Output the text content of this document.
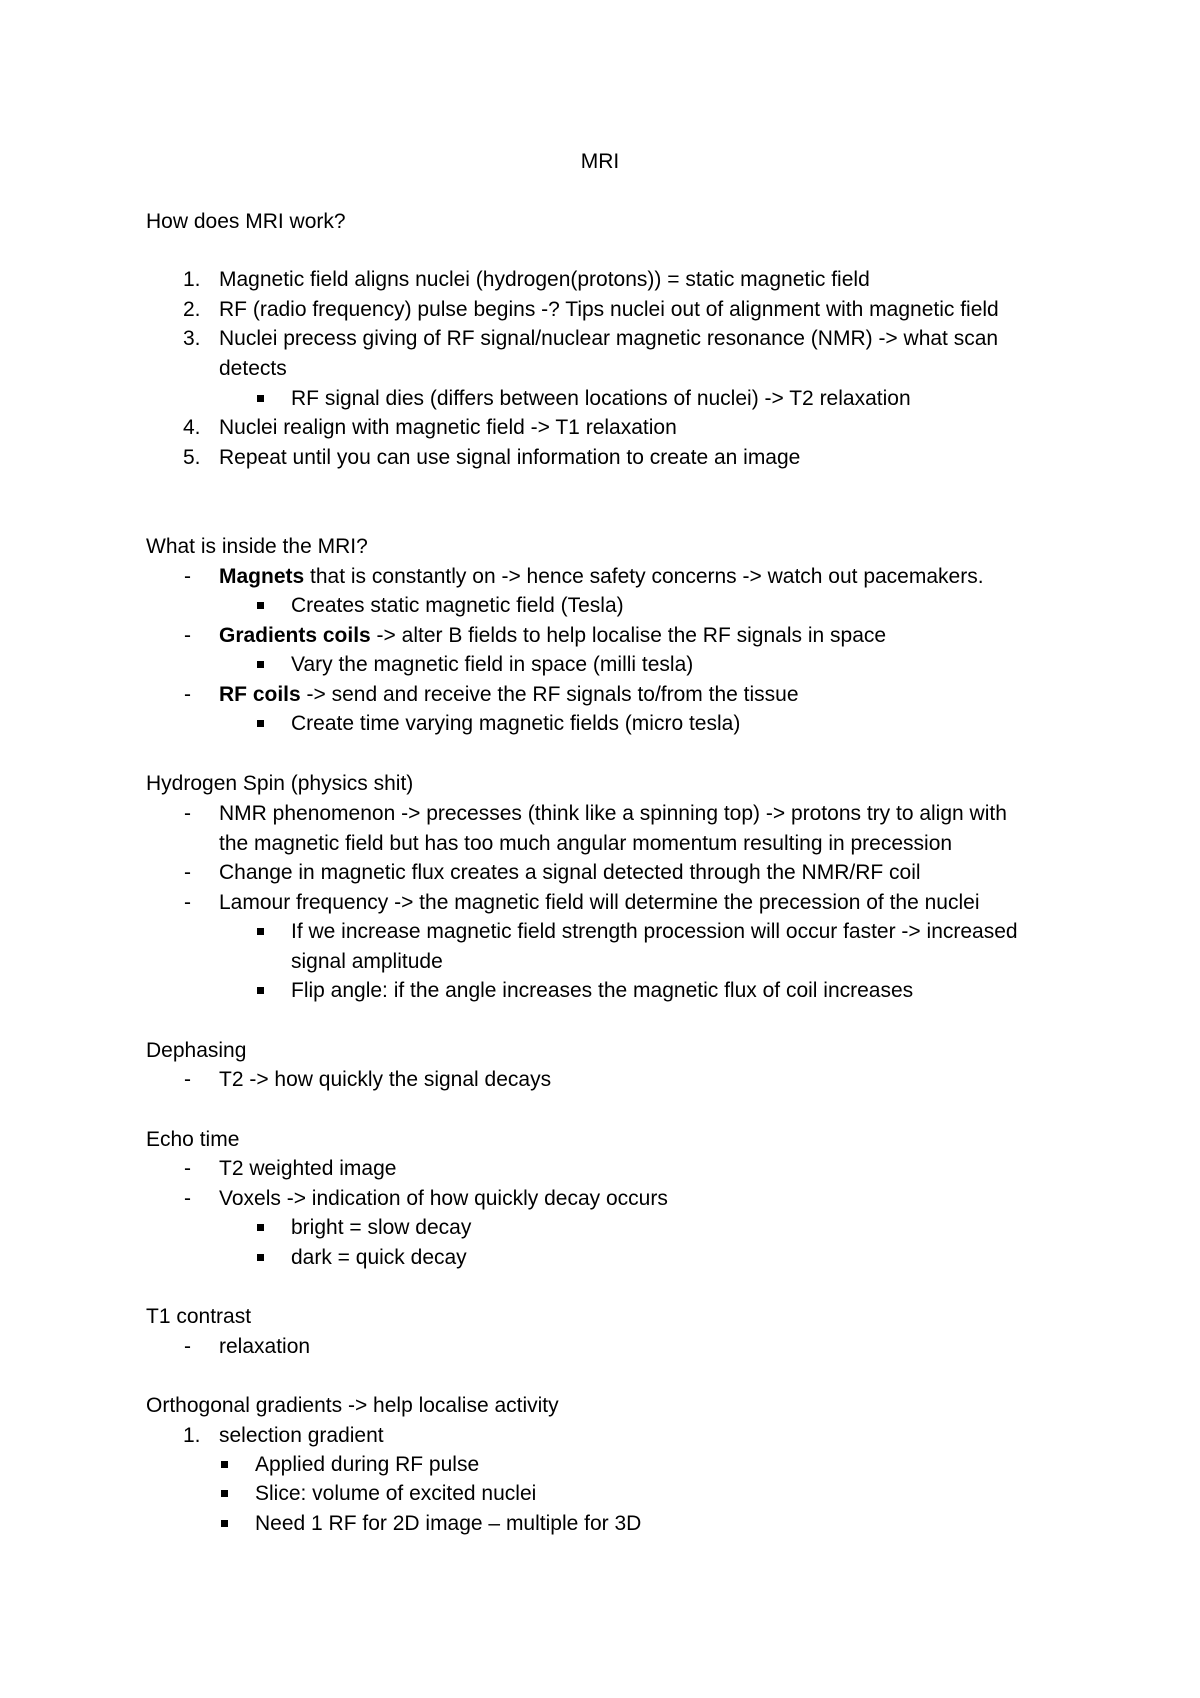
MRI
How does MRI work?
1. Magnetic field aligns nuclei (hydrogen(protons)) = static magnetic field
2. RF (radio frequency) pulse begins -? Tips nuclei out of alignment with magnetic field
3. Nuclei precess giving of RF signal/nuclear magnetic resonance (NMR) -> what scan
detects
RF signal dies (differs between locations of nuclei) -> T2 relaxation
4. Nuclei realign with magnetic field -> T1 relaxation
5. Repeat until you can use signal information to create an image
What is inside the MRI?
- Magnets that is constantly on -> hence safety concerns -> watch out pacemakers.
Creates static magnetic field (Tesla)
- Gradients coils -> alter B fields to help localise the RF signals in space
Vary the magnetic field in space (milli tesla)
- RF coils -> send and receive the RF signals to/from the tissue
Create time varying magnetic fields (micro tesla)
Hydrogen Spin (physics shit)
- NMR phenomenon -> precesses (think like a spinning top) -> protons try to align with
the magnetic field but has too much angular momentum resulting in precession
- Change in magnetic flux creates a signal detected through the NMR/RF coil
- Lamour frequency -> the magnetic field will determine the precession of the nuclei
If we increase magnetic field strength procession will occur faster -> increased
signal amplitude
Flip angle: if the angle increases the magnetic flux of coil increases
Dephasing
- T2 -> how quickly the signal decays
Echo time
- T2 weighted image
- Voxels -> indication of how quickly decay occurs
bright = slow decay
dark = quick decay
T1 contrast
- relaxation
Orthogonal gradients -> help localise activity
1. selection gradient
Applied during RF pulse
Slice: volume of excited nuclei
Need 1 RF for 2D image – multiple for 3D
